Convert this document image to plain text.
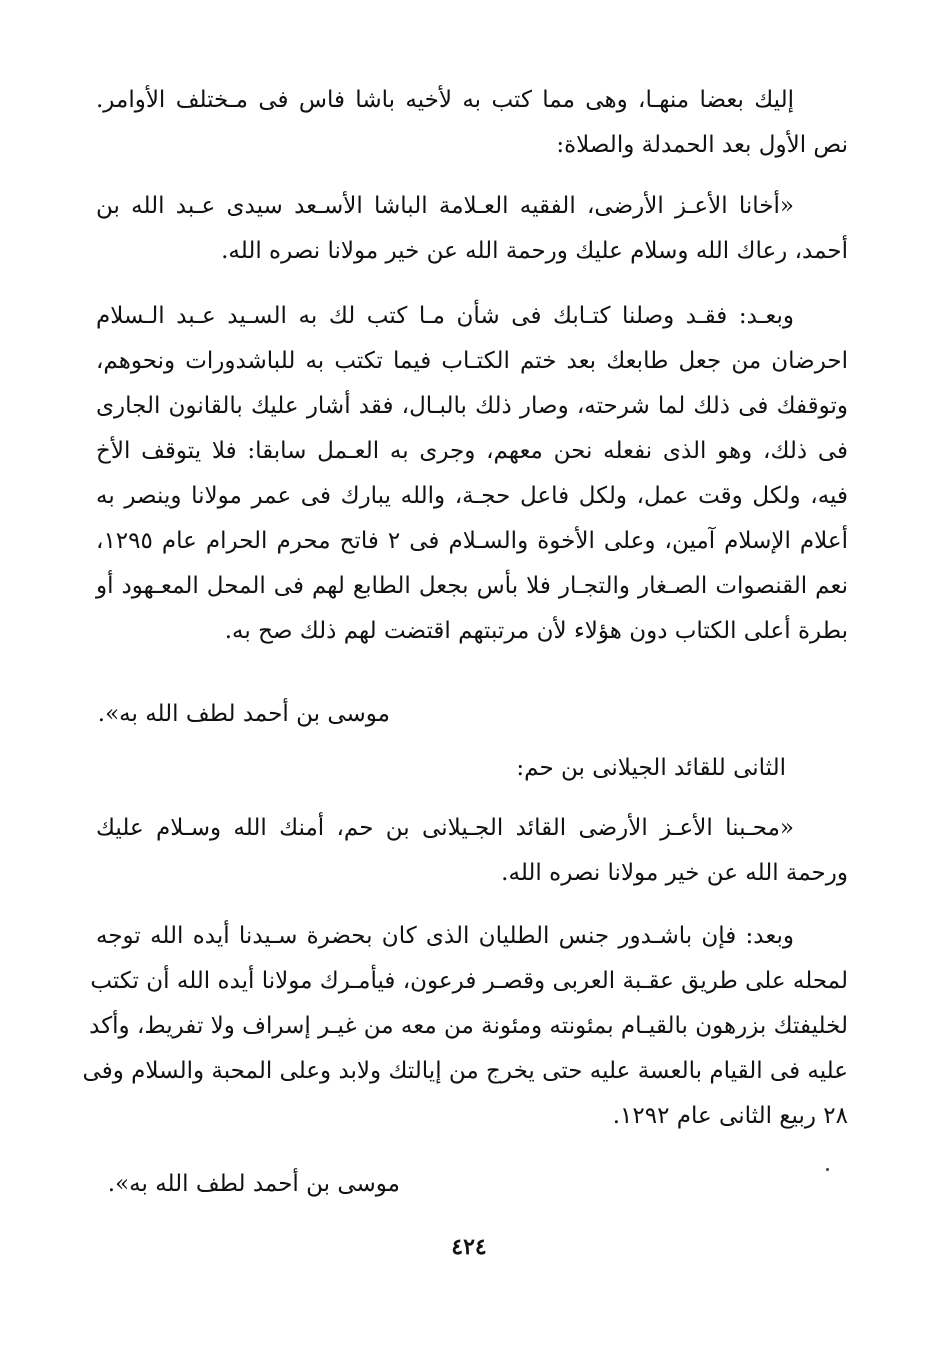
إليك بعضا منهـا، وهى مما كتب به لأخيه باشا فاس فى مـختلف الأوامر.
نص الأول بعد الحمدلة والصلاة:
«أخانا الأعـز الأرضى، الفقيه العـلامة الباشا الأسـعد سيدى عـبد الله بن
أحمد، رعاك الله وسلام عليك ورحمة الله عن خير مولانا نصره الله.
وبعـد: فقـد وصلنا كتـابك فى شأن مـا كتب لك به السـيد عـبد الـسلام
احرضان من جعل طابعك بعد ختم الكتـاب فيما تكتب به للباشدورات ونحوهم،
وتوقفك فى ذلك لما شرحته، وصار ذلك بالبـال، فقد أشار عليك بالقانون الجارى
فى ذلك، وهو الذى نفعله نحن معهم، وجرى به العـمل سابقا: فلا يتوقف الأخ
فيه، ولكل وقت عمل، ولكل فاعل حجـة، والله يبارك فى عمر مولانا وينصر به
أعلام الإسلام آمين، وعلى الأخوة والسـلام فى ٢ فاتح محرم الحرام عام ١٢٩٥،
نعم القنصوات الصـغار والتجـار فلا بأس بجعل الطابع لهم فى المحل المعـهود أو
بطرة أعلى الكتاب دون هؤلاء لأن مرتبتهم اقتضت لهم ذلك صح به.
موسى بن أحمد لطف الله به».
الثانى للقائد الجيلانى بن حم:
«محـبنا الأعـز الأرضى القائد الجـيلانى بن حم، أمنك الله وسـلام عليك
ورحمة الله عن خير مولانا نصره الله.
وبعد: فإن باشـدور جنس الطليان الذى كان بحضرة سـيدنا أيده الله توجه
لمحله على طريق عقـبة العربى وقصـر فرعون، فيأمـرك مولانا أيده الله أن تكتب
لخليفتك بزرهون بالقيـام بمئونته ومئونة من معه من غيـر إسراف ولا تفريط، وأكد
عليه فى القيام بالعسة عليه حتى يخرج من إيالتك ولابد وعلى المحبة والسلام وفى
٢٨ ربيع الثانى عام ١٢٩٢.
موسى بن أحمد لطف الله به».
٤٢٤
